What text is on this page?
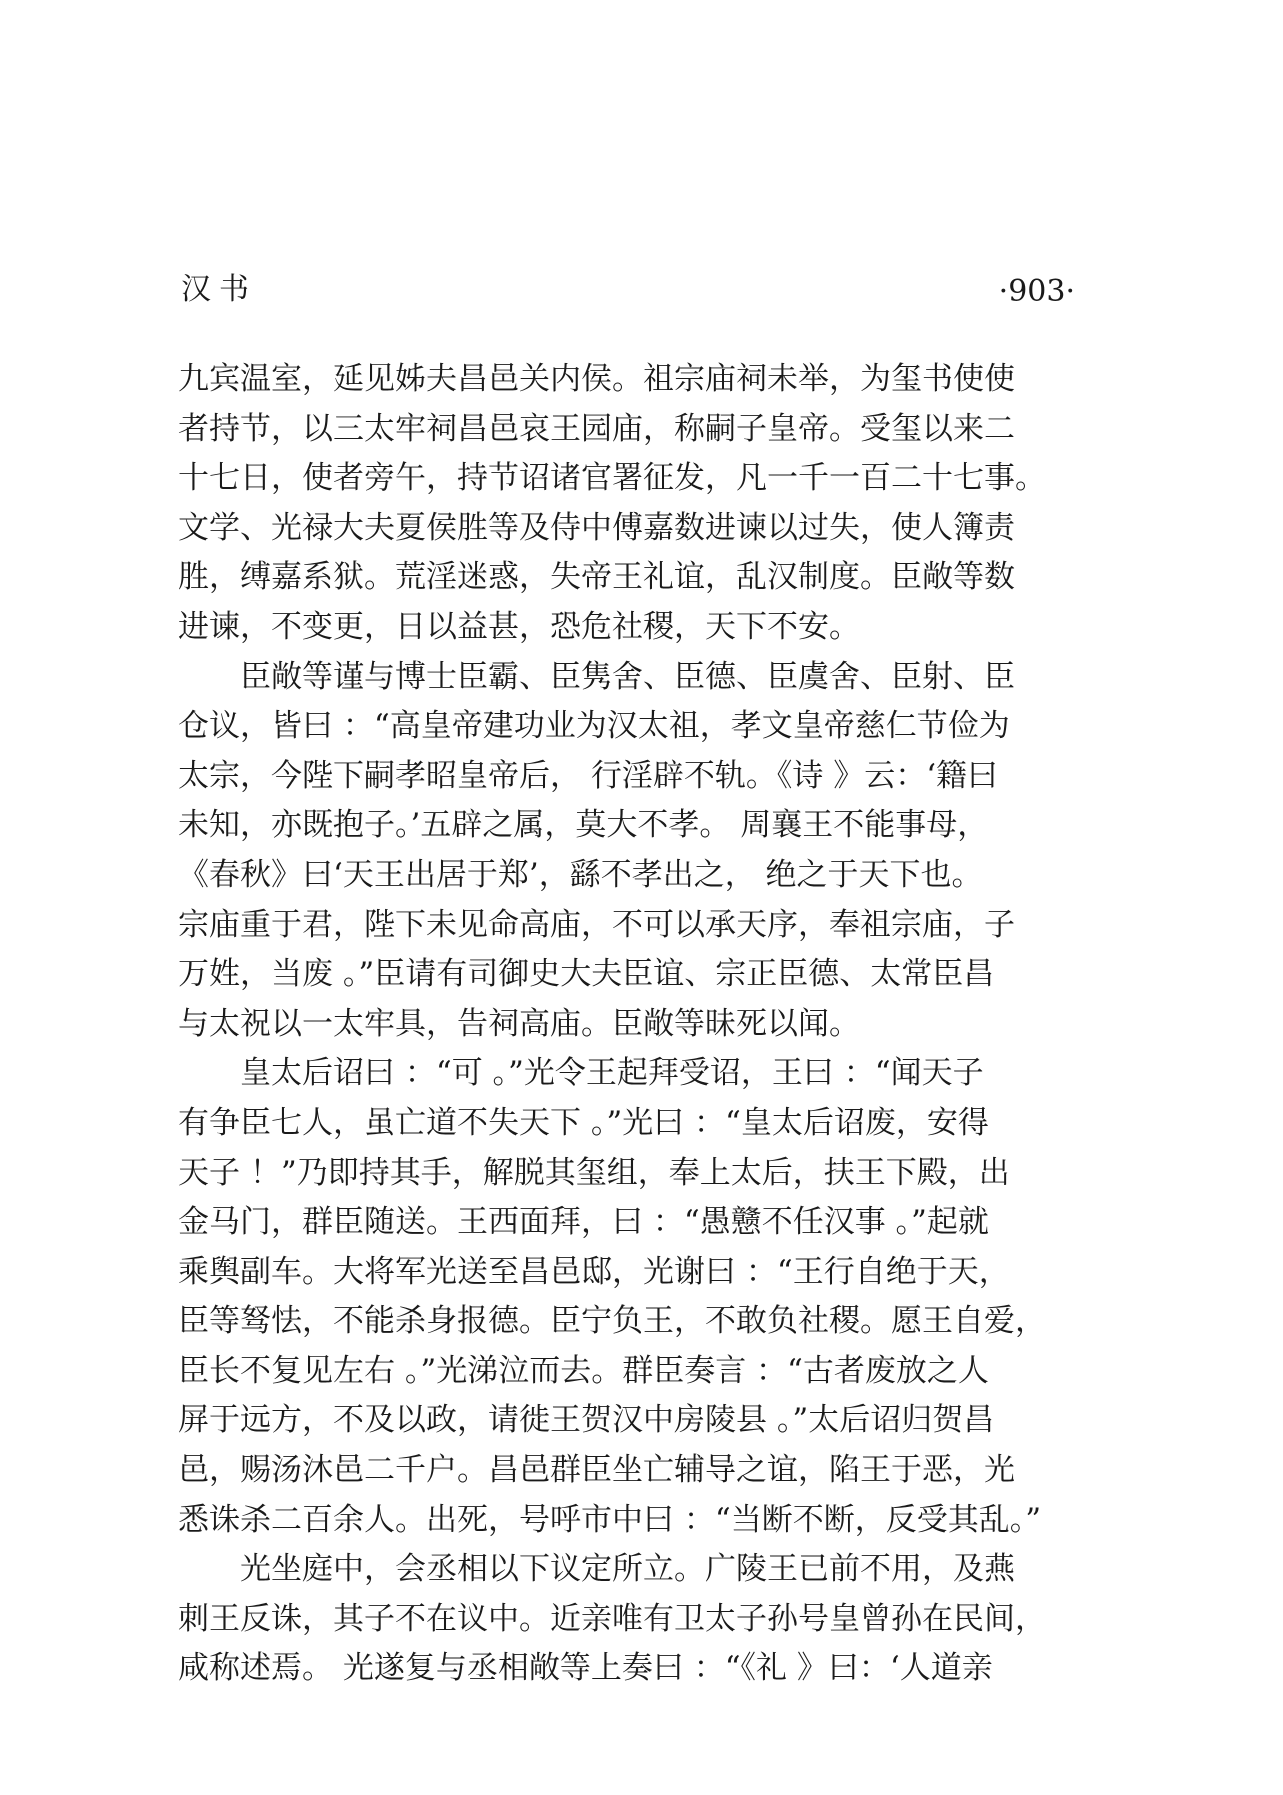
汉书	·903·
九宾温室，延见姊夫昌邑关内侯。祖宗庙祠未举，为玺书使使
者持节，以三太牢祠昌邑哀王园庙，称嗣子皇帝。受玺以来二
十七日，使者旁午，持节诏诸官署征发，凡一千一百二十七事。
文学、光禄大夫夏侯胜等及侍中傅嘉数进谏以过失，使人簿责
胜，缚嘉系狱。荒淫迷惑，失帝王礼谊，乱汉制度。臣敞等数
进谏，不变更，日以益甚，恐危社稷，天下不安。
臣敞等谨与博士臣霸、臣隽舍、臣德、臣虞舍、臣射、臣
仓议，皆曰 ：“高皇帝建功业为汉太祖，孝文皇帝慈仁节俭为
太宗，今陛下嗣孝昭皇帝后， 行淫辟不轨。《诗 》云：‘籍曰
未知，亦既抱子。’五辟之属，莫大不孝。 周襄王不能事母，
《春秋》曰‘天王出居于郑’，繇不孝出之， 绝之于天下也。
宗庙重于君，陛下未见命高庙，不可以承天序，奉祖宗庙，子
万姓，当废 。”臣请有司御史大夫臣谊、宗正臣德、太常臣昌
与太祝以一太牢具，告祠高庙。臣敞等昧死以闻。
皇太后诏曰 ：“可 。”光令王起拜受诏，王曰 ：“闻天子
有争臣七人，虽亡道不失天下 。”光曰 ：“皇太后诏废，安得
天子 ！”乃即持其手，解脱其玺组，奉上太后，扶王下殿，出
金马门，群臣随送。王西面拜，曰 ：“愚戆不任汉事 。”起就
乘舆副车。大将军光送至昌邑邸，光谢曰 ：“王行自绝于天，
臣等驽怯，不能杀身报德。臣宁负王，不敢负社稷。愿王自爱，
臣长不复见左右 。”光涕泣而去。群臣奏言 ：“古者废放之人
屏于远方，不及以政，请徙王贺汉中房陵县 。”太后诏归贺昌
邑，赐汤沐邑二千户。昌邑群臣坐亡辅导之谊，陷王于恶，光
悉诛杀二百余人。出死，号呼市中曰 ：“当断不断，反受其乱。”
光坐庭中，会丞相以下议定所立。广陵王已前不用，及燕
刺王反诛，其子不在议中。近亲唯有卫太子孙号皇曾孙在民间，
咸称述焉。 光遂复与丞相敞等上奏曰 ：“《礼 》曰：‘人道亲
